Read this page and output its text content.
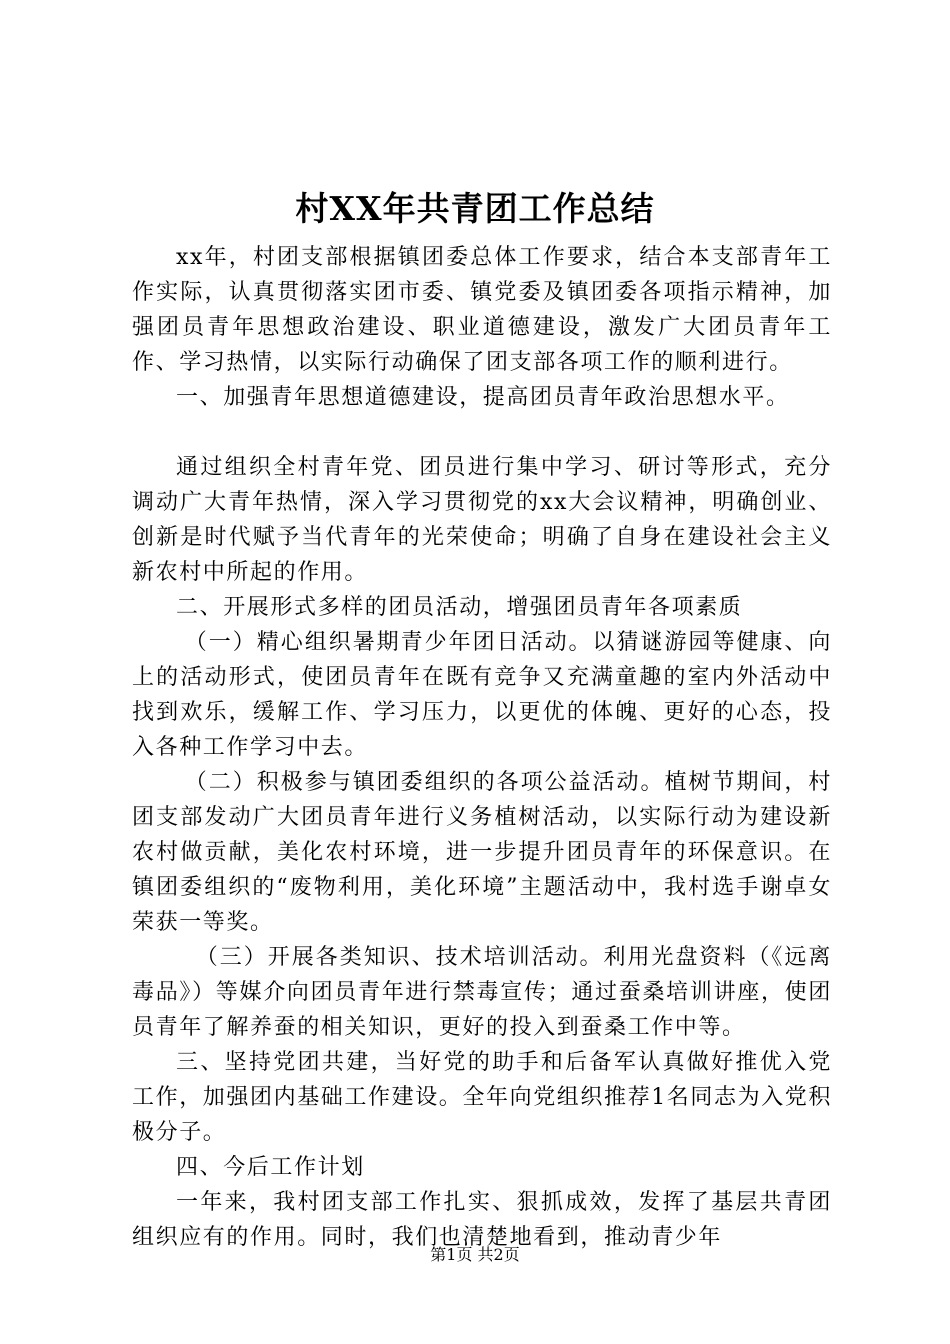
村XX年共青团工作总结

xx年，村团支部根据镇团委总体工作要求，结合本支部青年工作实际，认真贯彻落实团市委、镇党委及镇团委各项指示精神，加强团员青年思想政治建设、职业道德建设，激发广大团员青年工作、学习热情，以实际行动确保了团支部各项工作的顺利进行。

一、加强青年思想道德建设，提高团员青年政治思想水平。

通过组织全村青年党、团员进行集中学习、研讨等形式，充分调动广大青年热情，深入学习贯彻党的xx大会议精神，明确创业、创新是时代赋予当代青年的光荣使命；明确了自身在建设社会主义新农村中所起的作用。

二、开展形式多样的团员活动，增强团员青年各项素质

（一）精心组织暑期青少年团日活动。以猜谜游园等健康、向上的活动形式，使团员青年在既有竞争又充满童趣的室内外活动中找到欢乐，缓解工作、学习压力，以更优的体魄、更好的心态，投入各种工作学习中去。

（二）积极参与镇团委组织的各项公益活动。植树节期间，村团支部发动广大团员青年进行义务植树活动，以实际行动为建设新农村做贡献，美化农村环境，进一步提升团员青年的环保意识。在镇团委组织的“废物利用，美化环境”主题活动中，我村选手谢卓女荣获一等奖。

（三）开展各类知识、技术培训活动。利用光盘资料（《远离毒品》）等媒介向团员青年进行禁毒宣传；通过蚕桑培训讲座，使团员青年了解养蚕的相关知识，更好的投入到蚕桑工作中等。

三、坚持党团共建，当好党的助手和后备军认真做好推优入党工作，加强团内基础工作建设。全年向党组织推荐1名同志为入党积极分子。

四、今后工作计划

一年来，我村团支部工作扎实、狠抓成效，发挥了基层共青团组织应有的作用。同时，我们也清楚地看到，推动青少年

第1页 共2页
